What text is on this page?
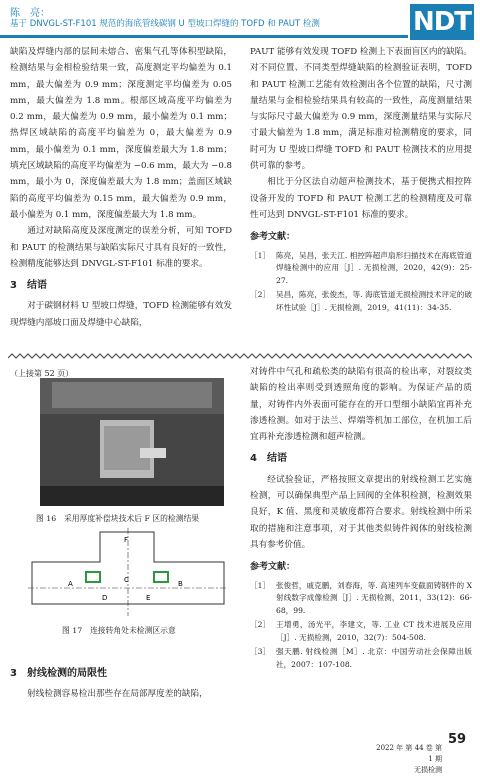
陈　亮：
基于 DNVGL-ST-F101 规范的海底管线碳钢 U 型坡口焊缝的 TOFD 和 PAUT 检测	NDT

缺陷及焊缝内部的层间未熔合、密集气孔等体积型缺陷，检测结果与金相检验结果一致，高度测定平均偏差为 0.1 mm，最大偏差为 0.9 mm；深度测定平均偏差为 0.05 mm，最大偏差为 1.8 mm。根部区域高度平均偏差为 0.2 mm，最大偏差为 0.9 mm，最小偏差为 0.1 mm；热焊区域缺陷的高度平均偏差为 0，最大偏差为 0.9 mm，最小偏差为 0.1 mm，深度偏差最大为 1.8 mm；填充区域缺陷的高度平均偏差为 −0.6 mm，最大为 −0.8 mm，最小为 0，深度偏差最大为 1.8 mm；盖面区域缺陷的高度平均偏差为 0.15 mm，最大偏差为 0.9 mm，最小偏差为 0.1 mm，深度偏差最大为 1.8 mm。

通过对缺陷高度及深度测定的误差分析，可知 TOFD 和 PAUT 的检测结果与缺陷实际尺寸具有良好的一致性，检测精度能够达到 DNVGL-ST-F101 标准的要求。

3　结语

对于碳钢材料 U 型坡口焊缝，TOFD 检测能够有效发现焊缝内部坡口面及焊缝中心缺陷，

PAUT 能够有效发现 TOFD 检测上下表面盲区内的缺陷。对不同位置、不同类型焊缝缺陷的检测验证表明，TOFD 和 PAUT 检测工艺能有效检测出各个位置的缺陷，尺寸测量结果与金相检验结果具有较高的一致性，高度测量结果与实际尺寸最大偏差为 0.9 mm，深度测量结果与实际尺寸最大偏差为 1.8 mm，满足标准对检测精度的要求，同时可为 U 型坡口焊缝 TOFD 和 PAUT 检测技术的应用提供可靠的参考。

相比于分区法自动超声检测技术，基于便携式相控阵设备开发的 TOFD 和 PAUT 检测工艺的检测精度及可靠性可达到 DNVGL-ST-F101 标准的要求。

参考文献：
［1］ 陈亮，吴昌，张天江. 相控阵超声扇形扫描技术在海底管道焊缝检测中的应用［J］. 无损检测，2020，42(9)：25-27.
［2］ 吴昌，陈亮，张俊杰，等. 海底管道无损检测技术评定的破坏性试验［J］. 无损检测，2019，41(11)：34-35.
（上接第 52 页）
图 16　采用厚度补偿块技术后 F 区的检测结果
F
C
A	B
D	E
图 17　连接转角处未检测区示意
3　射线检测的局限性

射线检测容易检出那些存在局部厚度差的缺陷，

对铸件中气孔和疏松类的缺陷有很高的检出率，对裂纹类缺陷的检出率则受到透照角度的影响。为保证产品的质量，对铸件内外表面可能存在的开口型细小缺陷宜再补充渗透检测。如对于法兰、焊端等机加工部位，在机加工后宜再补充渗透检测和超声检测。

4　结语

经试验验证，严格按照文章提出的射线检测工艺实施检测，可以确保典型产品上回阀的全体积检测，检测效果良好，K 值、黑度和灵敏度都符合要求。射线检测中所采取的措施和注意事项，对于其他类似铸件阀体的射线检测具有参考价值。

参考文献：
［1］ 张俊哲，戚克鹏，刘春海，等. 高速列车变截面铸钢件的 X 射线数字成像检测［J］. 无损检测，2011，33(12)：66-68，99.
［2］ 王增勇，汤光平，李建文，等. 工业 CT 技术进展及应用［J］. 无损检测，2010，32(7)：504-508.
［3］ 强天鹏. 射线检测［M］. 北京：中国劳动社会保障出版社，2007：107-108.
2022 年 第 44 卷 第 1 期
无损检测
59
